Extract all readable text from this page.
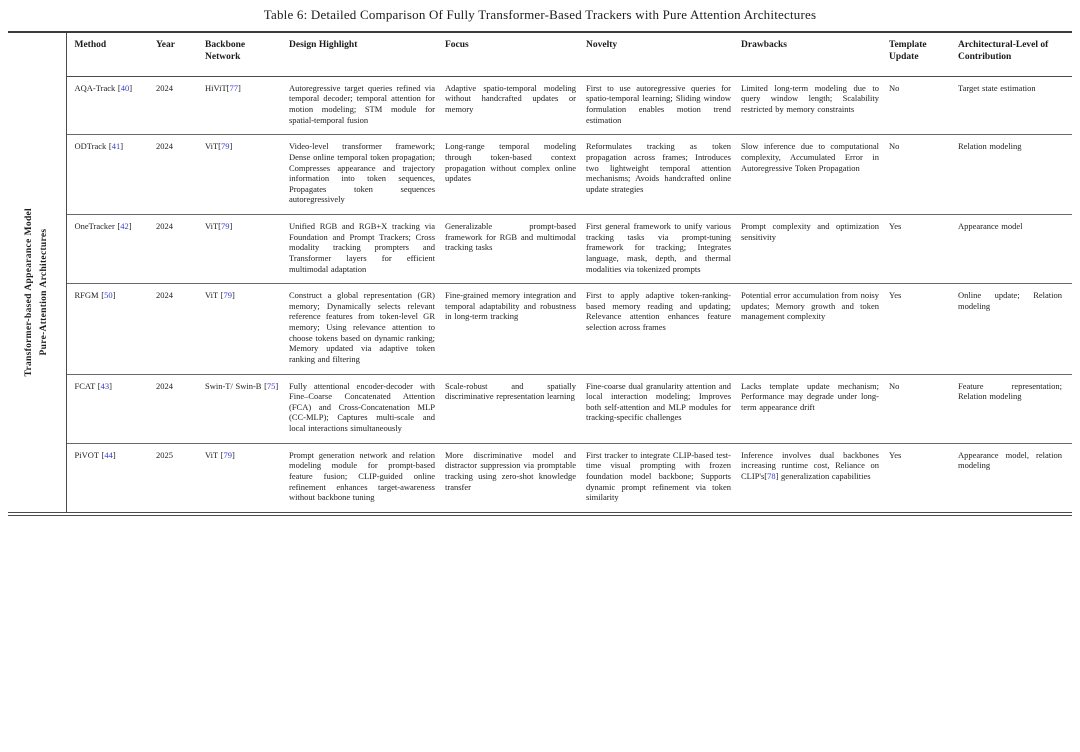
Table 6: Detailed Comparison Of Fully Transformer-Based Trackers with Pure Attention Architectures
	Method	Year	Backbone Network	Design Highlight	Focus	Novelty	Drawbacks	Template Update	Architectural-Level of Contribution

Transformer-based Appearance Model Pure-Attention Architectures	AQA-Track [40]	2024	HiViT[77]	Autoregressive target queries refined via temporal decoder; temporal attention for motion modeling; STM module for spatial-temporal fusion	Adaptive spatio-temporal modeling without handcrafted updates or memory	First to use autoregressive queries for spatio-temporal learning; Sliding window formulation enables motion trend estimation	Limited long-term modeling due to query window length; Scalability restricted by memory constraints	No	Target state estimation
	ODTrack [41]	2024	ViT[79]	Video-level transformer framework; Dense online temporal token propagation; Compresses appearance and trajectory information into token sequences, Propagates token sequences autoregressively	Long-range temporal modeling through token-based context propagation without complex online updates	Reformulates tracking as token propagation across frames; Introduces two lightweight temporal attention mechanisms; Avoids handcrafted online update strategies	Slow inference due to computational complexity, Accumulated Error in Autoregressive Token Propagation	No	Relation modeling
	OneTracker [42]	2024	ViT[79]	Unified RGB and RGB+X tracking via Foundation and Prompt Trackers; Cross modality tracking prompters and Transformer layers for efficient multimodal adaptation	Generalizable prompt-based framework for RGB and multimodal tracking tasks	First general framework to unify various tracking tasks via prompt-tuning framework for tracking; Integrates language, mask, depth, and thermal modalities via tokenized prompts	Prompt complexity and optimization sensitivity	Yes	Appearance model
	RFGM [50]	2024	ViT [79]	Construct a global representation (GR) memory; Dynamically selects relevant reference features from token-level GR memory; Using relevance attention to choose tokens based on dynamic ranking; Memory updated via adaptive token ranking and filtering	Fine-grained memory integration and temporal adaptability and robustness in long-term tracking	First to apply adaptive token-ranking-based memory reading and updating; Relevance attention enhances feature selection across frames	Potential error accumulation from noisy updates; Memory growth and token management complexity	Yes	Online update; Relation modeling
	FCAT [43]	2024	Swin-T/ Swin-B [75]	Fully attentional encoder-decoder with Fine–Coarse Concatenated Attention (FCA) and Cross-Concatenation MLP (CC-MLP); Captures multi-scale and local interactions simultaneously	Scale-robust and spatially discriminative representation learning	Fine-coarse dual granularity attention and local interaction modeling; Improves both self-attention and MLP modules for tracking-specific challenges	Lacks template update mechanism; Performance may degrade under long-term appearance drift	No	Feature representation; Relation modeling
	PiVOT [44]	2025	ViT [79]	Prompt generation network and relation modeling module for prompt-based feature fusion; CLIP-guided online refinement enhances target-awareness without backbone tuning	More discriminative model and distractor suppression via promptable tracking using zero-shot knowledge transfer	First tracker to integrate CLIP-based test-time visual prompting with frozen foundation model backbone; Supports dynamic prompt refinement via token similarity	Inference involves dual backbones increasing runtime cost, Reliance on CLIP's[78] generalization capabilities	Yes	Appearance model, relation modeling
